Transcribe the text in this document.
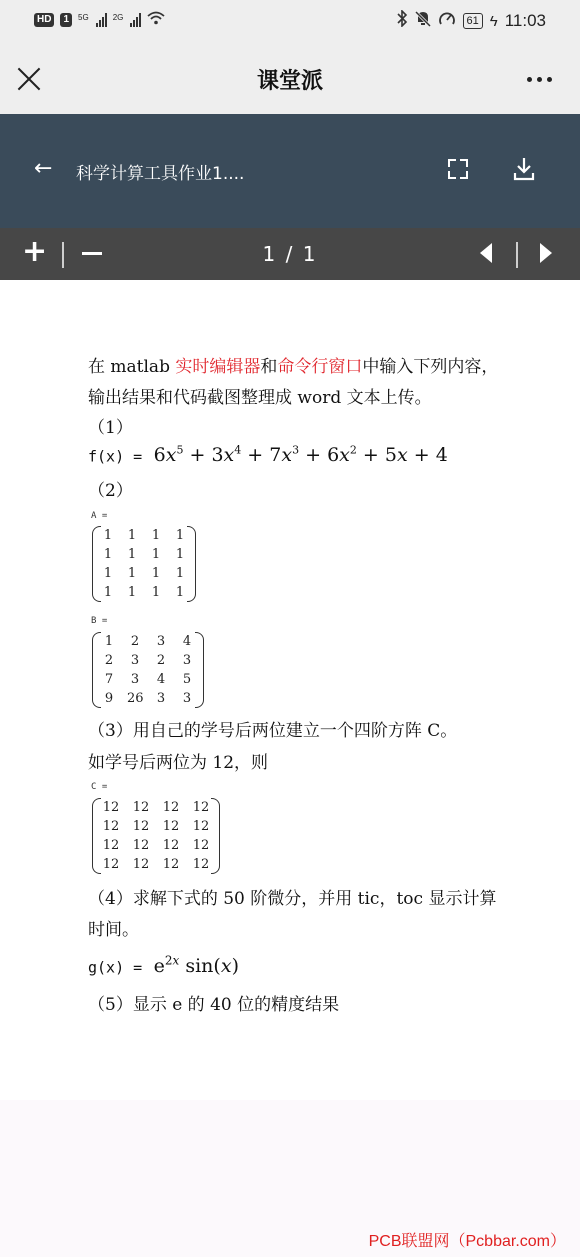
HD	1	$^{5G}$	$^{2G}$	61 ϟ 11:03
课堂派
← 科学计算工具作业1....
+	1 / 1
在 matlab 实时编辑器和命令行窗口中输入下列内容，
输出结果和代码截图整理成 word 文本上传。
（1）
$f(x) = 6x^5 + 3x^4 + 7x^3 + 6x^2 + 5x + 4$
（2）
A =
1 1 1 1
1 1 1 1
1 1 1 1
1 1 1 1
B =
1 2 3 4
2 3 2 3
7 3 4 5
9 26 3 3
（3）用自己的学号后两位建立一个四阶方阵 C。
如学号后两位为 12，则
C =
12 12 12 12
12 12 12 12
12 12 12 12
12 12 12 12
（4）求解下式的 50 阶微分，并用 tic，toc 显示计算
时间。
$g(x) = e^{2x}$ sin(x)
（5）显示 e 的 40 位的精度结果
PCB联盟网（Pcbbar.com）
